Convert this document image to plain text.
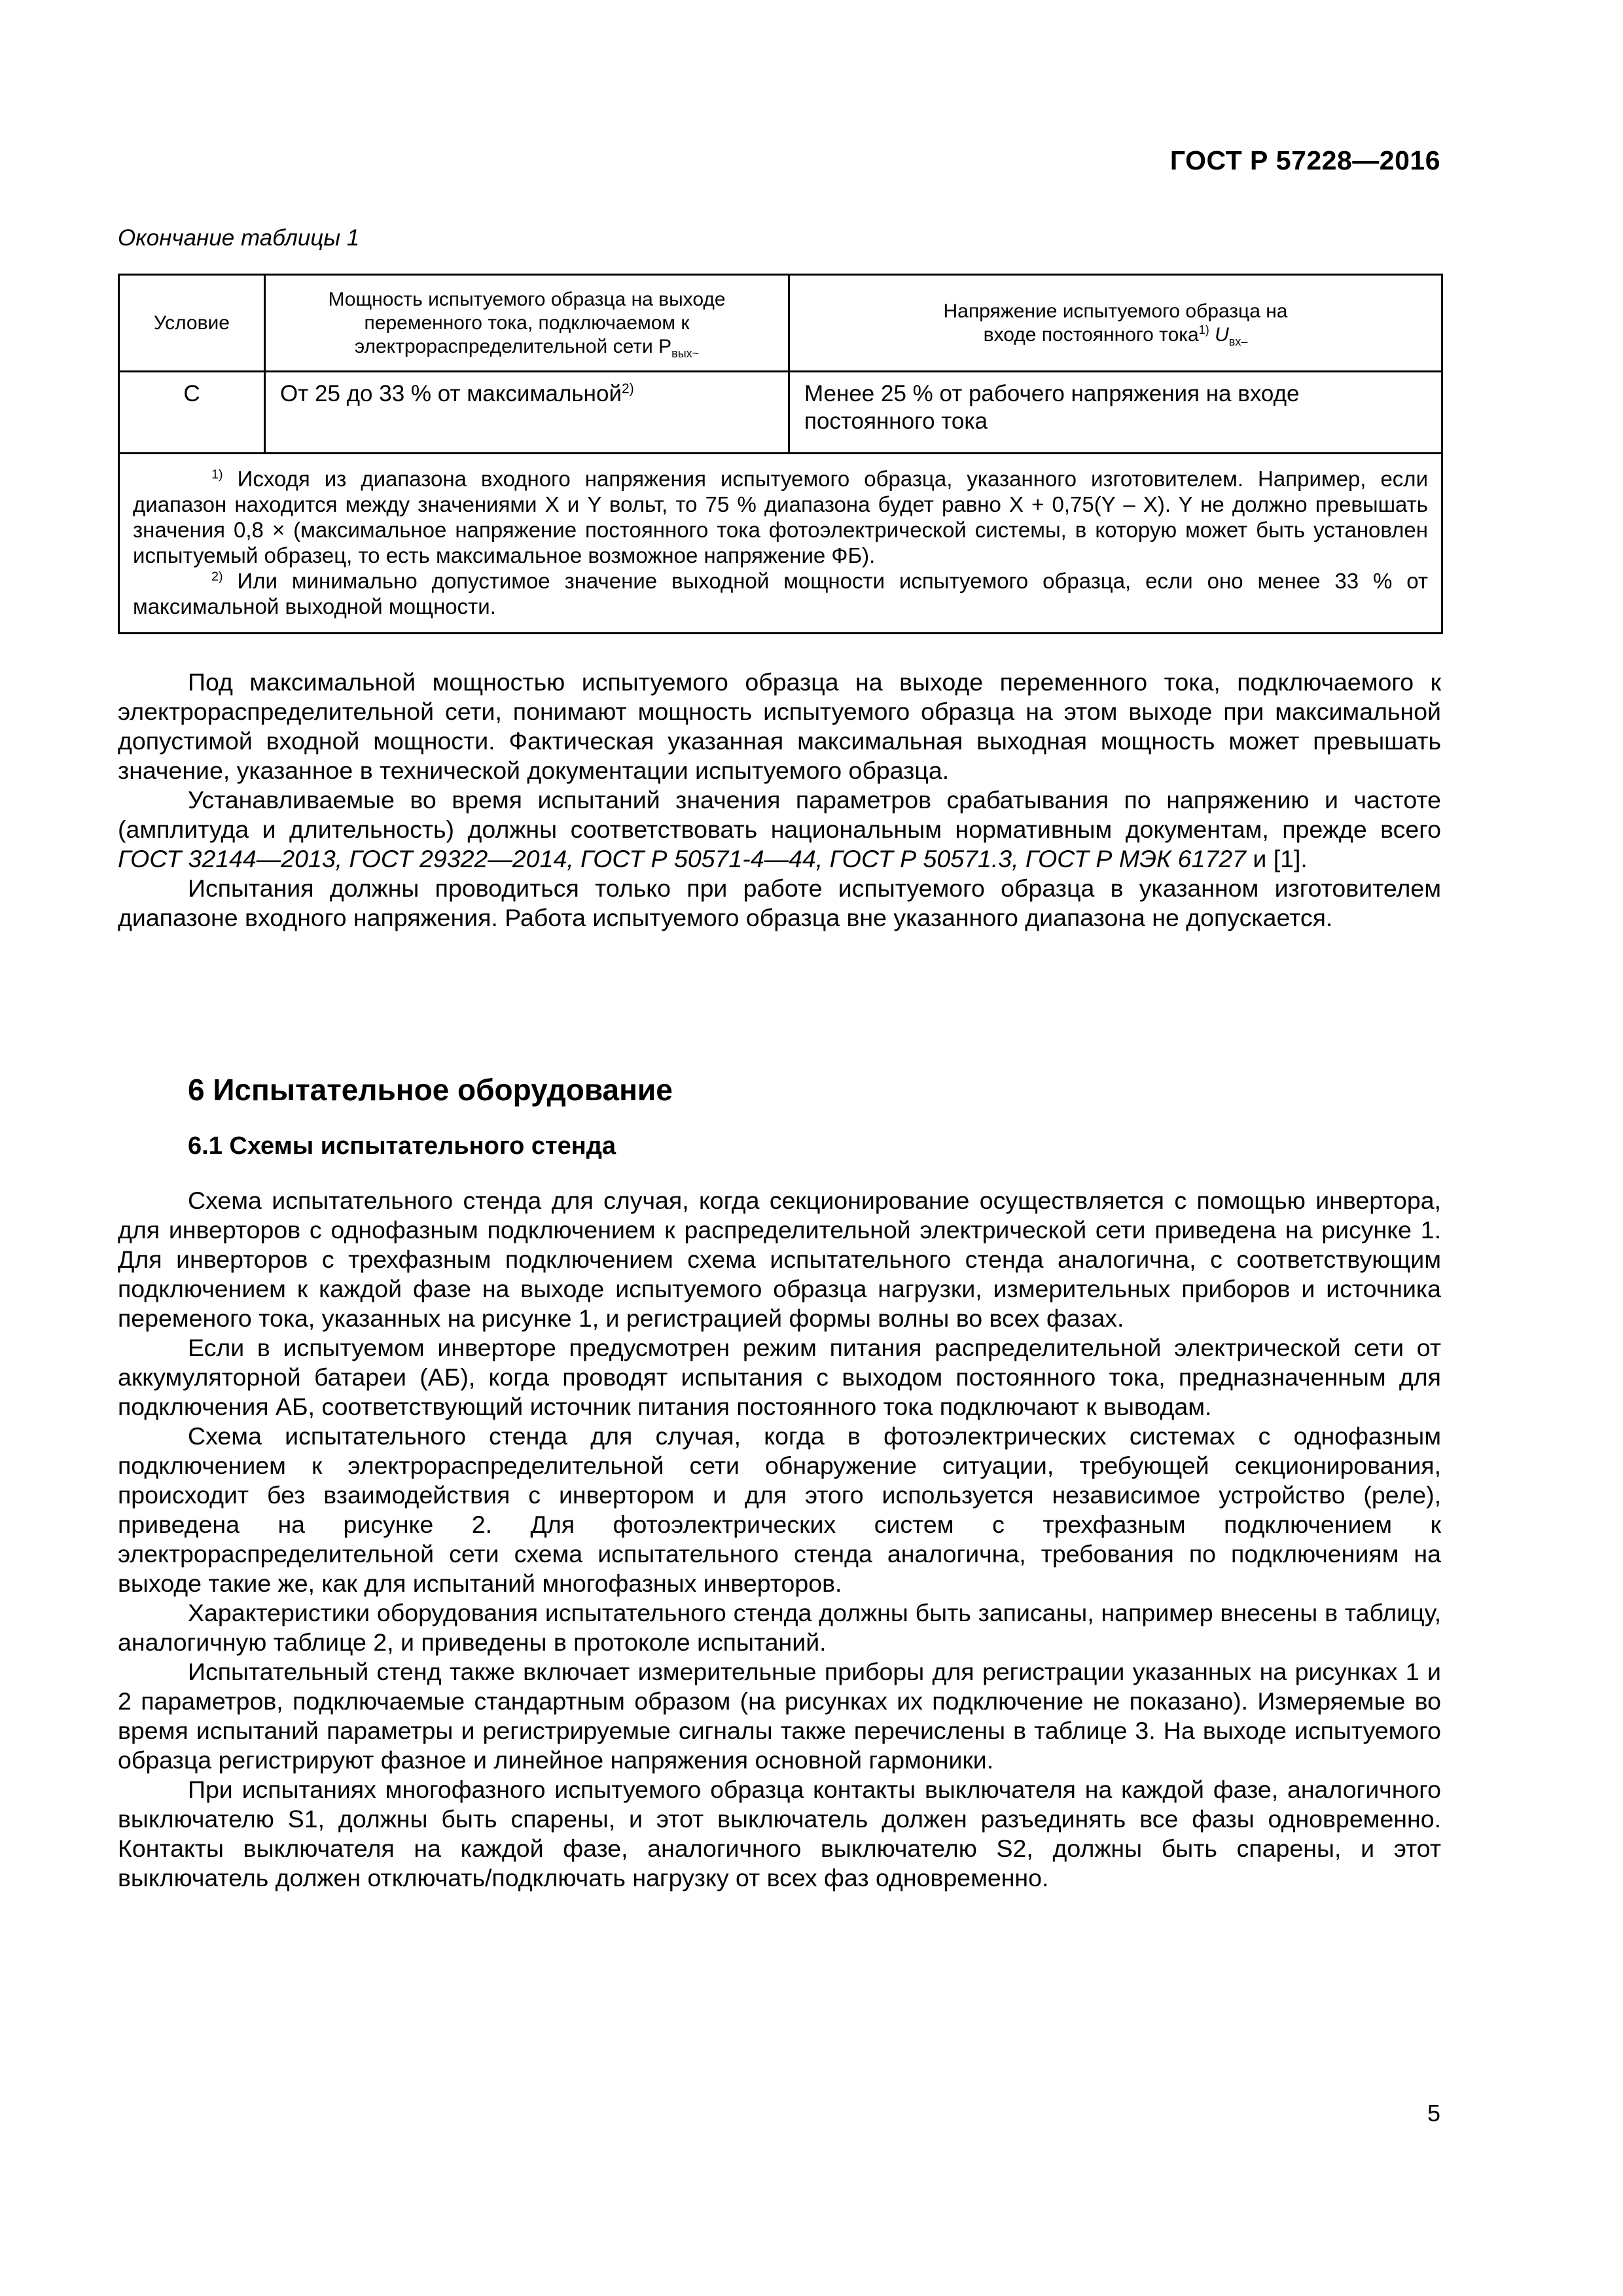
ГОСТ Р 57228—2016
Окончание таблицы 1
Условие	Мощность испытуемого образца на выходе переменного тока, подключаемом к электрораспределительной сети $P_{вых\sim}$	Напряжение испытуемого образца на входе постоянного тока$^{1)}$ $U_{вх-}$

C	От 25 до 33 % от максимальной$^{2)}$	Менее 25 % от рабочего напряжения на входе постоянного тока

$^{1)}$ Исходя из диапазона входного напряжения испытуемого образца, указанного изготовителем. Например, если диапазон находится между значениями X и Y вольт, то 75 % диапазона будет равно X + 0,75(Y – X). Y не должно превышать значения 0,8 × (максимальное напряжение постоянного тока фотоэлектрической системы, в которую может быть установлен испытуемый образец, то есть максимальное возможное напряжение ФБ).

$^{2)}$ Или минимально допустимое значение выходной мощности испытуемого образца, если оно менее 33 % от максимальной выходной мощности.		

Под максимальной мощностью испытуемого образца на выходе переменного тока, подключаемого к электрораспределительной сети, понимают мощность испытуемого образца на этом выходе при максимальной допустимой входной мощности. Фактическая указанная максимальная выходная мощность может превышать значение, указанное в технической документации испытуемого образца.

Устанавливаемые во время испытаний значения параметров срабатывания по напряжению и частоте (амплитуда и длительность) должны соответствовать национальным нормативным документам, прежде всего ГОСТ 32144—2013, ГОСТ 29322—2014, ГОСТ Р 50571-4—44, ГОСТ Р 50571.3, ГОСТ Р МЭК 61727 и [1].

Испытания должны проводиться только при работе испытуемого образца в указанном изготовителем диапазоне входного напряжения. Работа испытуемого образца вне указанного диапазона не допускается.

6 Испытательное оборудование
6.1 Схемы испытательного стенда

Схема испытательного стенда для случая, когда секционирование осуществляется с помощью инвертора, для инверторов с однофазным подключением к распределительной электрической сети приведена на рисунке 1. Для инверторов с трехфазным подключением схема испытательного стенда аналогична, с соответствующим подключением к каждой фазе на выходе испытуемого образца нагрузки, измерительных приборов и источника переменого тока, указанных на рисунке 1, и регистрацией формы волны во всех фазах.

Если в испытуемом инверторе предусмотрен режим питания распределительной электрической сети от аккумуляторной батареи (АБ), когда проводят испытания с выходом постоянного тока, предназначенным для подключения АБ, соответствующий источник питания постоянного тока подключают к выводам.

Схема испытательного стенда для случая, когда в фотоэлектрических системах с однофазным подключением к электрораспределительной сети обнаружение ситуации, требующей секционирования, происходит без взаимодействия с инвертором и для этого используется независимое устройство (реле), приведена на рисунке 2. Для фотоэлектрических систем с трехфазным подключением к электрораспределительной сети схема испытательного стенда аналогична, требования по подключениям на выходе такие же, как для испытаний многофазных инверторов.

Характеристики оборудования испытательного стенда должны быть записаны, например внесены в таблицу, аналогичную таблице 2, и приведены в протоколе испытаний.

Испытательный стенд также включает измерительные приборы для регистрации указанных на рисунках 1 и 2 параметров, подключаемые стандартным образом (на рисунках их подключение не показано). Измеряемые во время испытаний параметры и регистрируемые сигналы также перечислены в таблице 3. На выходе испытуемого образца регистрируют фазное и линейное напряжения основной гармоники.

При испытаниях многофазного испытуемого образца контакты выключателя на каждой фазе, аналогичного выключателю S1, должны быть спарены, и этот выключатель должен разъединять все фазы одновременно. Контакты выключателя на каждой фазе, аналогичного выключателю S2, должны быть спарены, и этот выключатель должен отключать/подключать нагрузку от всех фаз одновременно.

5
